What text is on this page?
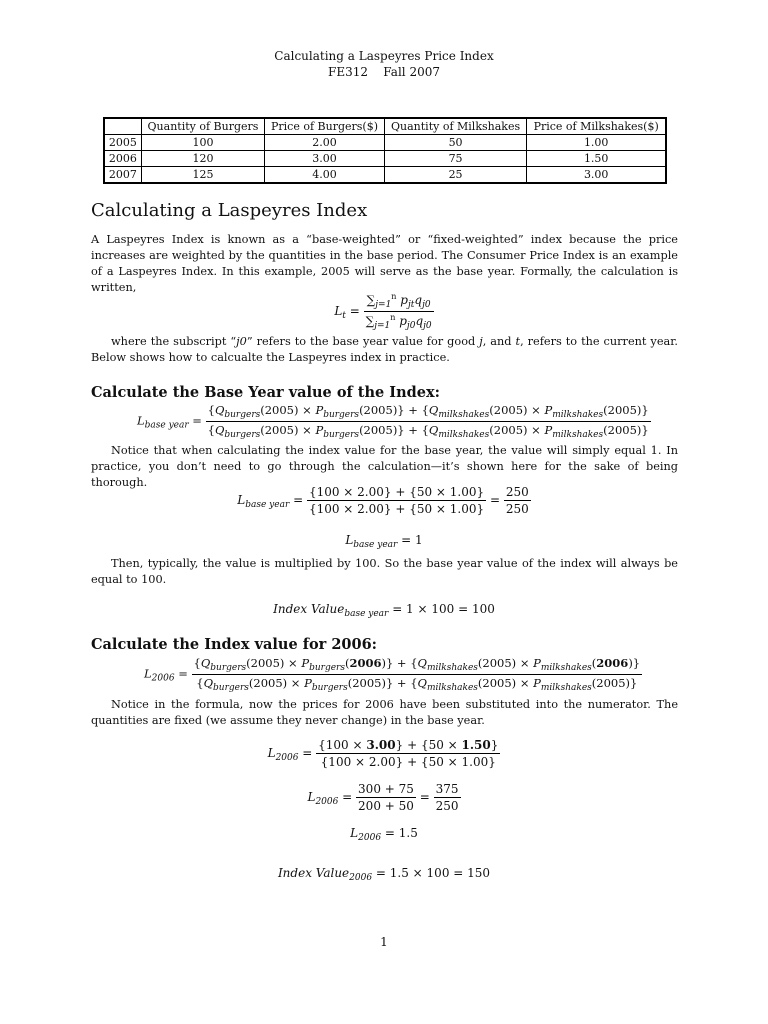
Calculating a Laspeyres Price Index
FE312 Fall 2007
	Quantity of Burgers	Price of Burgers($)	Quantity of Milkshakes	Price of Milkshakes($)
2005	100	2.00	50	1.00
2006	120	3.00	75	1.50
2007	125	4.00	25	3.00
Calculating a Laspeyres Index

A Laspeyres Index is known as a “base-weighted” or “fixed-weighted” index because the price increases are weighted by the quantities in the base period. The Consumer Price Index is an example of a Laspeyres Index. In this example, 2005 will serve as the base year. Formally, the calculation is written,

$L_t = \frac{\sum_{j=1}^n p_{jt}q_{j0}}{\sum_{j=1}^n p_{j0}q_{j0}}$

where the subscript “j0” refers to the base year value for good j, and t, refers to the current year. Below shows how to calcualte the Laspeyres index in practice.

Calculate the Base Year value of the Index:
$L_{base year}$ =
$\{Q_{burgers}(2005) \times P_{burgers}(2005)\} + \{Q_{milkshakes}(2005) \times P_{milkshakes}(2005)\}$
$\{Q_{burgers}(2005) \times P_{burgers}(2005)\} + \{Q_{milkshakes}(2005) \times P_{milkshakes}(2005)\}$

Notice that when calculating the index value for the base year, the value will simply equal 1. In practice, you don’t need to go through the calculation—it’s shown here for the sake of being thorough.

$L_{base year} = \frac{\{100 \times 2.00\} + \{50 \times 1.00\}}{\{100 \times 2.00\} + \{50 \times 1.00\}} = \frac{250}{250}$
$L_{base year} = 1$

Then, typically, the value is multiplied by 100. So the base year value of the index will always be equal to 100.

Index Value$_{base year}$ = 1 × 100 = 100
Calculate the Index value for 2006:
$L_{2006}$ =
$\{Q_{burgers}(2005) \times P_{burgers}(2006)\} + \{Q_{milkshakes}(2005) \times P_{milkshakes}(2006)\}$
$\{Q_{burgers}(2005) \times P_{burgers}(2005)\} + \{Q_{milkshakes}(2005) \times P_{milkshakes}(2005)\}$

Notice in the formula, now the prices for 2006 have been substituted into the numerator. The quantities are fixed (we assume they never change) in the base year.

$L_{2006} = \frac{\{100 \times 3.00\} + \{50 \times 1.50\}}{\{100 \times 2.00\} + \{50 \times 1.00\}}$
$L_{2006} = \frac{300 + 75}{200 + 50} = \frac{375}{250}$
$L_{2006} = 1.5$
Index Value$_{2006}$ = 1.5 × 100 = 150
1
